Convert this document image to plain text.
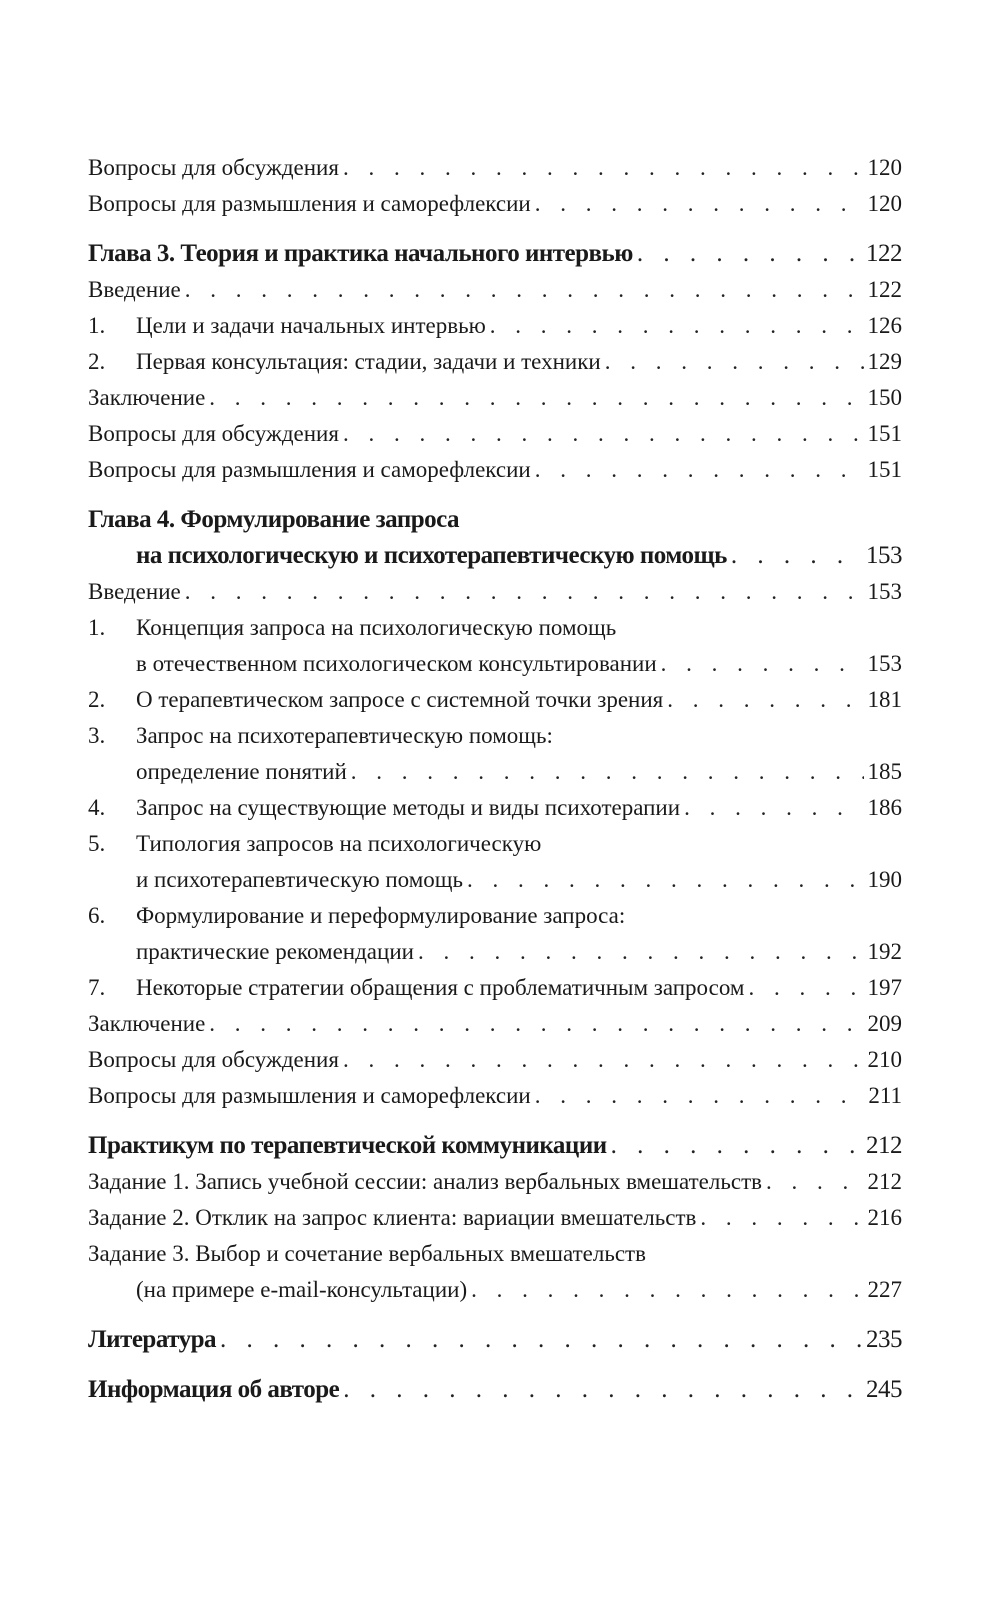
Вопросы для обсуждения . . .	120
Вопросы для размышления и саморефлексии . . .	120
Глава 3. Теория и практика начального интервью . . .	122
Введение . . .	122
1.	Цели и задачи начальных интервью . . .	126
2.	Первая консультация: стадии, задачи и техники . . .	129
Заключение . . .	150
Вопросы для обсуждения . . .	151
Вопросы для размышления и саморефлексии . . .	151
Глава 4. Формулирование запроса
на психологическую и психотерапевтическую помощь . . .	153
Введение . . .	153
1.	Концепция запроса на психологическую помощь
в отечественном психологическом консультировании . . .	153
2.	О терапевтическом запросе с системной точки зрения . . .	181
3.	Запрос на психотерапевтическую помощь:
определение понятий . . .	185
4.	Запрос на существующие методы и виды психотерапии . . .	186
5.	Типология запросов на психологическую
и психотерапевтическую помощь . . .	190
6.	Формулирование и переформулирование запроса:
практические рекомендации . . .	192
7.	Некоторые стратегии обращения с проблематичным запросом . . .	197
Заключение . . .	209
Вопросы для обсуждения . . .	210
Вопросы для размышления и саморефлексии . . .	211
Практикум по терапевтической коммуникации . . .	212
Задание 1. Запись учебной сессии: анализ вербальных вмешательств . . .	212
Задание 2. Отклик на запрос клиента: вариации вмешательств . . .	216
Задание 3. Выбор и сочетание вербальных вмешательств
(на примере e-mail-консультации) . . .	227
Литература . . .	235
Информация об авторе . . .	245
